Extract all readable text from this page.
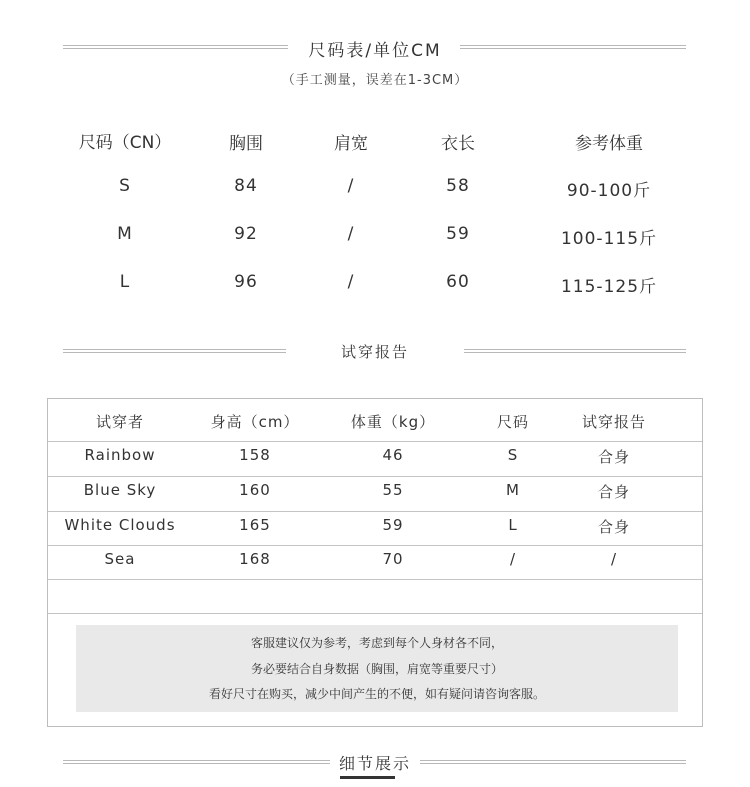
尺码表/单位CM
（手工测量，误差在1-3CM）
尺码（CN）	胸围	肩宽	衣长	参考体重
S	84	/	58	90-100斤
M	92	/	59	100-115斤
L	96	/	60	115-125斤
试穿报告
试穿者	身高（cm）	体重（kg）	尺码	试穿报告
Rainbow	158	46	S	合身
Blue Sky	160	55	M	合身
White Clouds	165	59	L	合身
Sea	168	70	/	/
客服建议仅为参考，考虑到每个人身材各不同，
务必要结合自身数据（胸围，肩宽等重要尺寸）
看好尺寸在购买，减少中间产生的不便，如有疑问请咨询客服。
细节展示
